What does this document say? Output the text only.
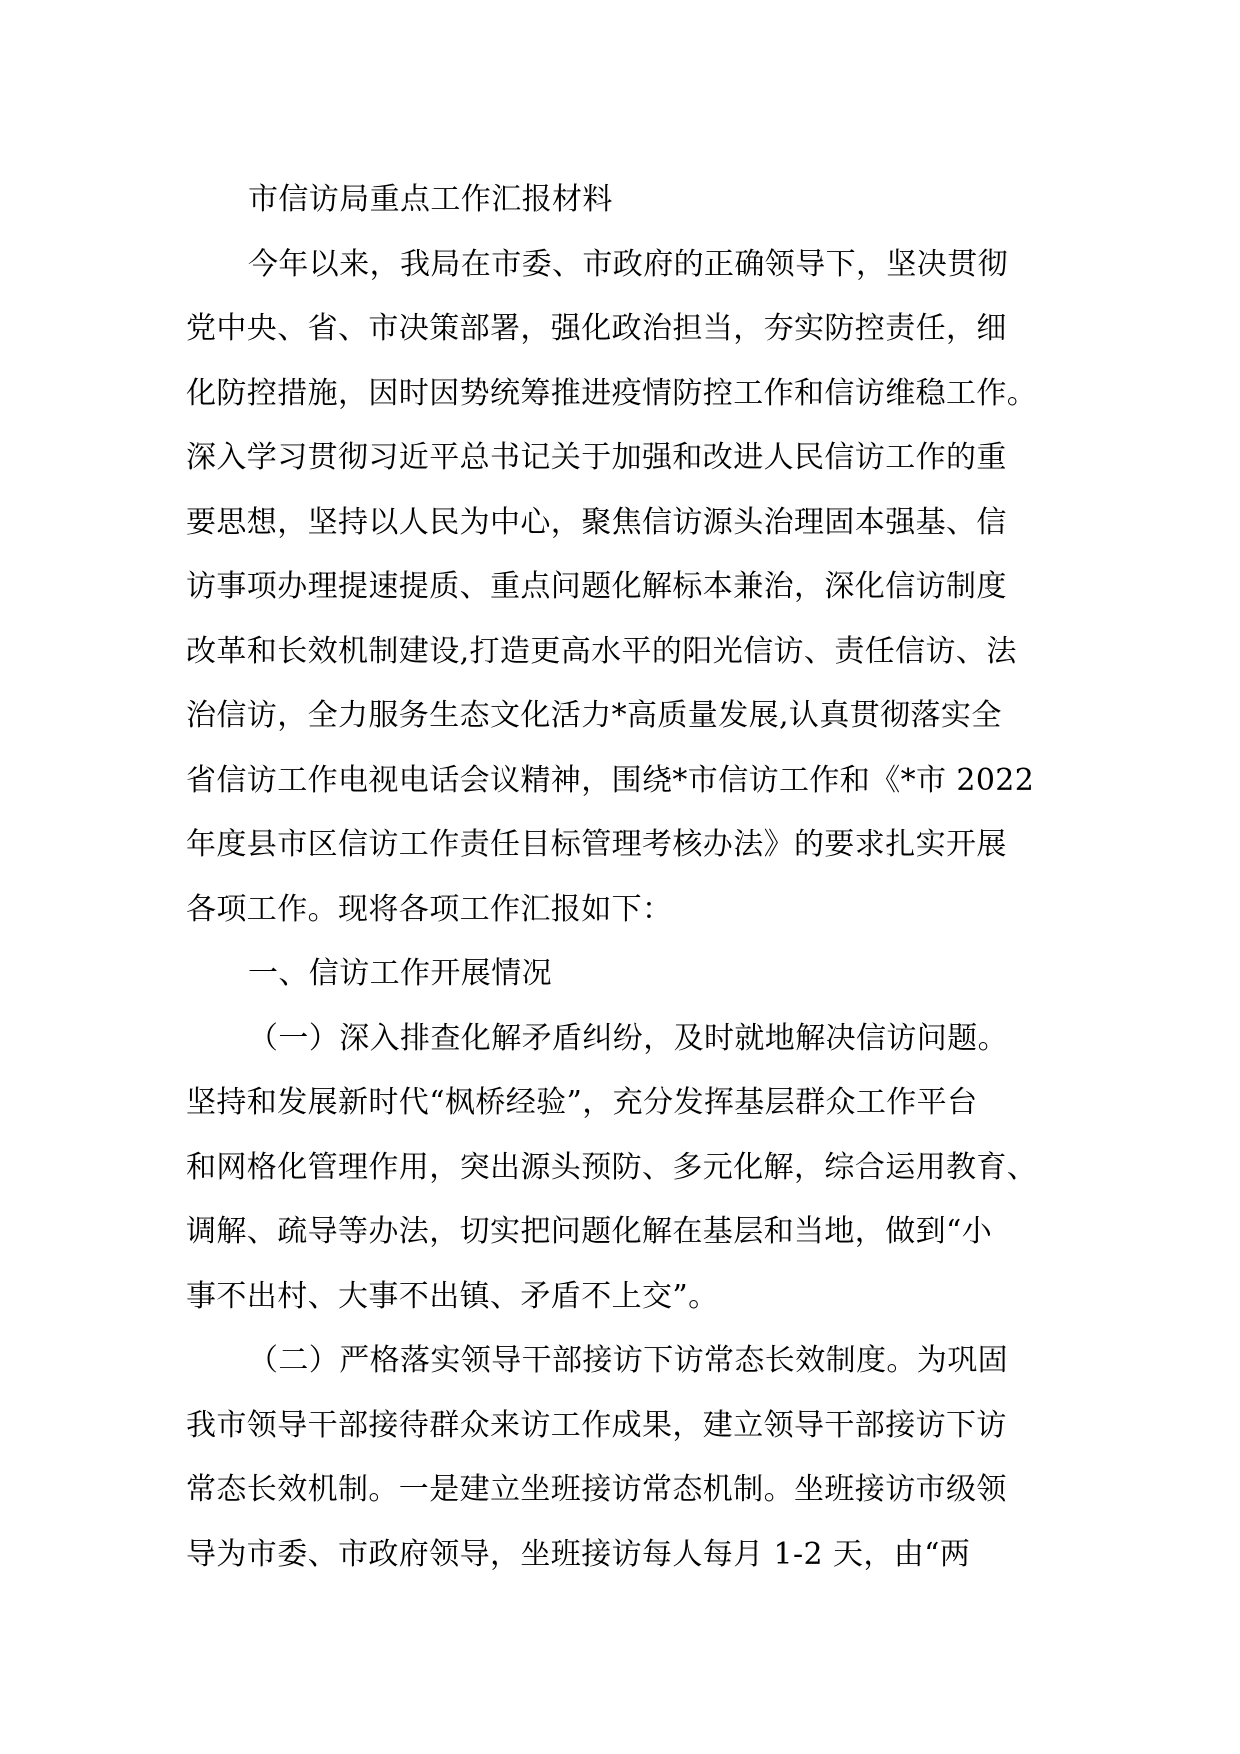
市信访局重点工作汇报材料
今年以来，我局在市委、市政府的正确领导下，坚决贯彻
党中央、省、市决策部署，强化政治担当，夯实防控责任，细
化防控措施，因时因势统筹推进疫情防控工作和信访维稳工作。
深入学习贯彻习近平总书记关于加强和改进人民信访工作的重
要思想，坚持以人民为中心，聚焦信访源头治理固本强基、信
访事项办理提速提质、重点问题化解标本兼治，深化信访制度
改革和长效机制建设,打造更高水平的阳光信访、责任信访、法
治信访，全力服务生态文化活力*高质量发展,认真贯彻落实全
省信访工作电视电话会议精神，围绕*市信访工作和《*市 2022
年度县市区信访工作责任目标管理考核办法》的要求扎实开展
各项工作。现将各项工作汇报如下：
一、信访工作开展情况
（一）深入排查化解矛盾纠纷，及时就地解决信访问题。
坚持和发展新时代“枫桥经验”，充分发挥基层群众工作平台
和网格化管理作用，突出源头预防、多元化解，综合运用教育、
调解、疏导等办法，切实把问题化解在基层和当地，做到“小
事不出村、大事不出镇、矛盾不上交”。
（二）严格落实领导干部接访下访常态长效制度。为巩固
我市领导干部接待群众来访工作成果，建立领导干部接访下访
常态长效机制。一是建立坐班接访常态机制。坐班接访市级领
导为市委、市政府领导，坐班接访每人每月 1-2 天，由“两
